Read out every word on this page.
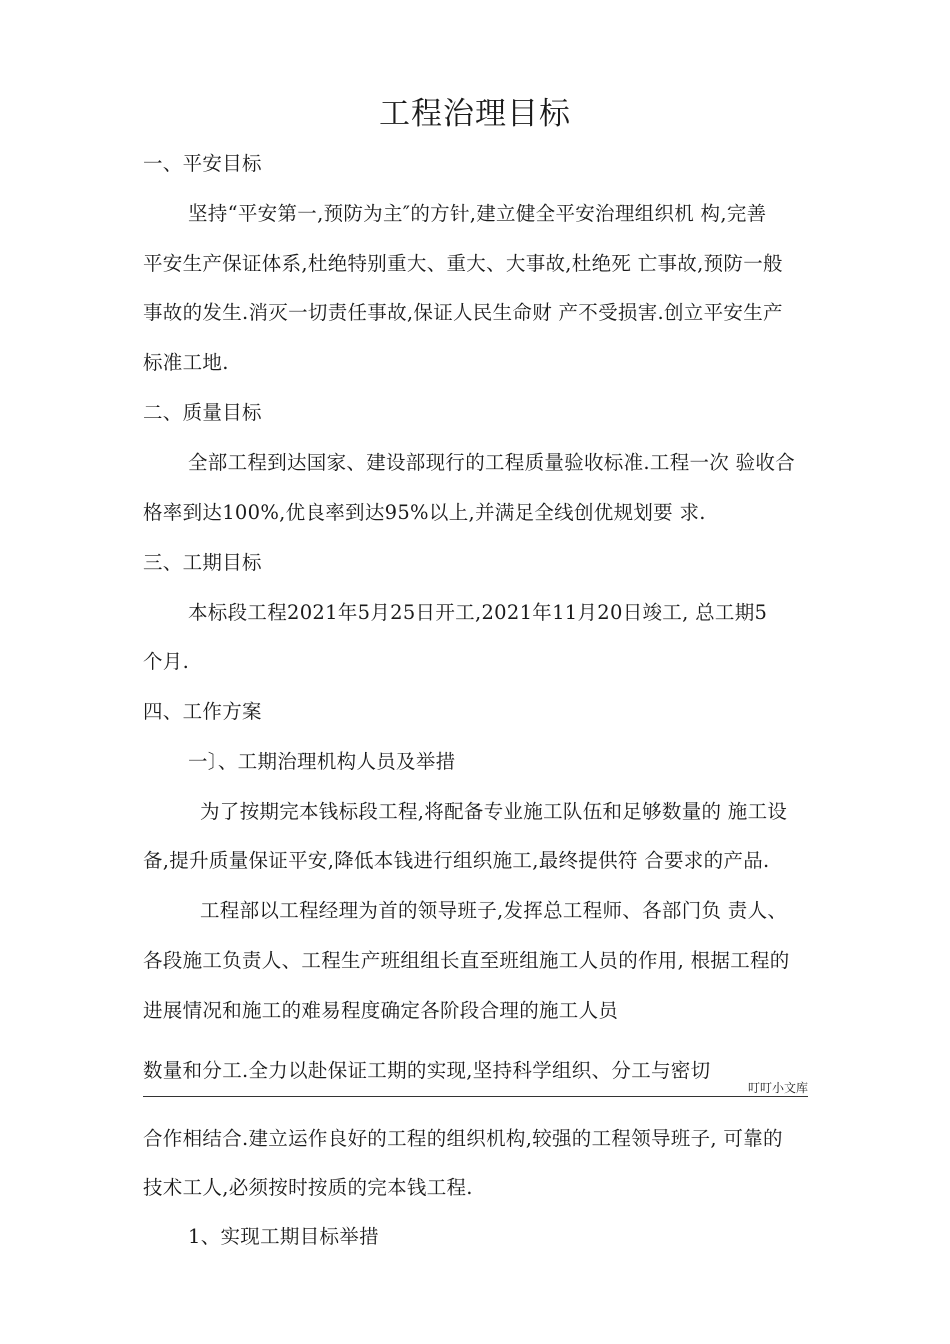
工程治理目标
一、平安目标
坚持“平安第一,预防为主″的方针,建立健全平安治理组织机 构,完善
平安生产保证体系,杜绝特别重大、重大、大事故,杜绝死 亡事故,预防一般
事故的发生.消灭一切责任事故,保证人民生命财 产不受损害.创立平安生产
标准工地.
二、质量目标
全部工程到达国家、建设部现行的工程质量验收标准.工程一次 验收合
格率到达100%,优良率到达95%以上,并满足全线创优规划要 求.
三、工期目标
本标段工程2021年5月25日开工,2021年11月20日竣工, 总工期5
个月.
四、工作方案
一〕、工期治理机构人员及举措
为了按期完本钱标段工程,将配备专业施工队伍和足够数量的 施工设
备,提升质量保证平安,降低本钱进行组织施工,最终提供符 合要求的产品.
工程部以工程经理为首的领导班子,发挥总工程师、各部门负 责人、
各段施工负责人、工程生产班组组长直至班组施工人员的作用, 根据工程的
进展情况和施工的难易程度确定各阶段合理的施工人员
数量和分工.全力以赴保证工期的实现,坚持科学组织、分工与密切
叮叮小文库
合作相结合.建立运作良好的工程的组织机构,较强的工程领导班子, 可靠的
技术工人,必须按时按质的完本钱工程.
1、实现工期目标举措
